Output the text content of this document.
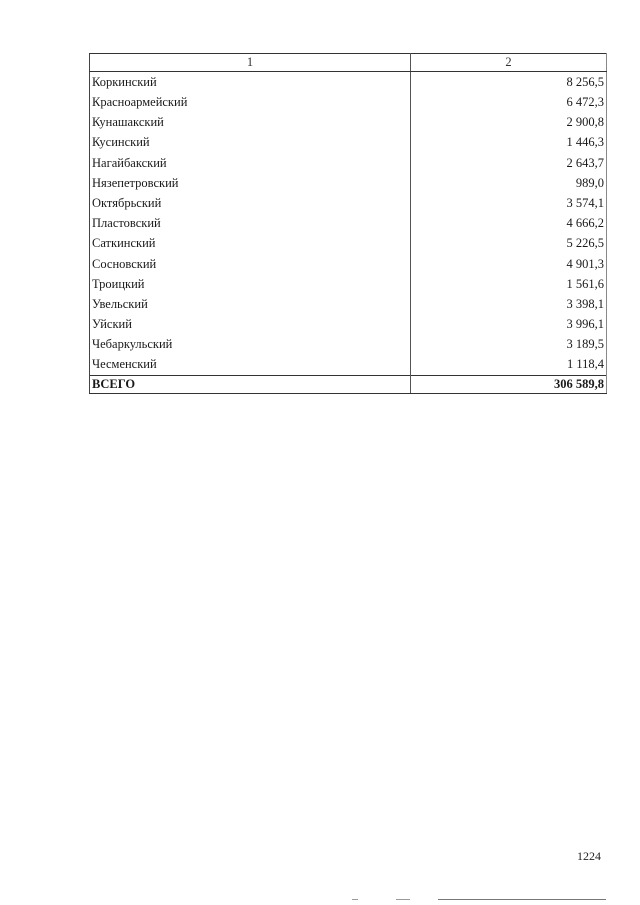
1	2
Коркинский	8 256,5
Красноармейский	6 472,3
Кунашакский	2 900,8
Кусинский	1 446,3
Нагайбакский	2 643,7
Нязепетровский	989,0
Октябрьский	3 574,1
Пластовский	4 666,2
Саткинский	5 226,5
Сосновский	4 901,3
Троицкий	1 561,6
Увельский	3 398,1
Уйский	3 996,1
Чебаркульский	3 189,5
Чесменский	1 118,4
ВСЕГО	306 589,8
1224
